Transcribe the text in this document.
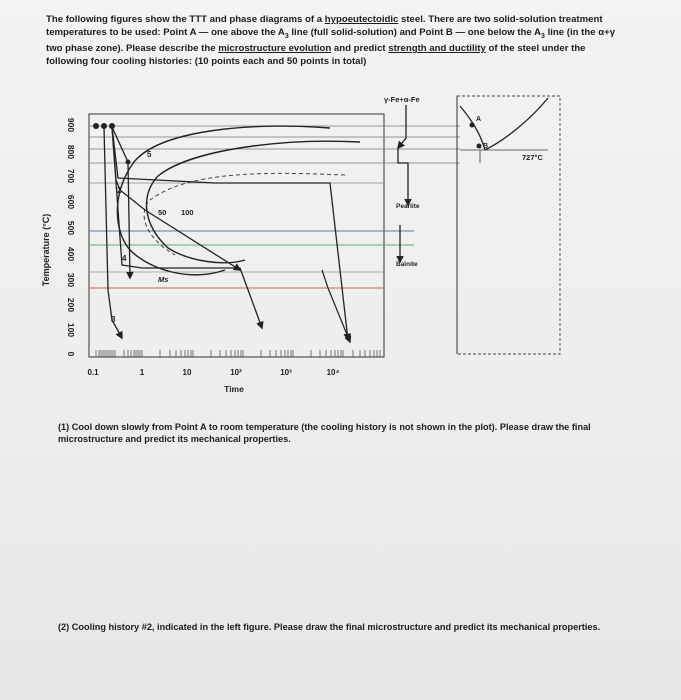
The following figures show the TTT and phase diagrams of a hypoeutectoidic steel. There are two solid-solution treatment temperatures to be used: Point A — one above the $A_3$ line (full solid-solution) and Point B — one below the $A_3$ line (in the α+γ two phase zone). Please describe the microstructure evolution and predict strength and ductility of the steel under the following four cooling histories: (10 points each and 50 points in total)

900
800
700
600
500
400
300
200
100
0
Temperature (°C)
0.1	1	10	10²	10³	10⁴
Time
5
2
4
3
50 100
Ms
γ-Fe+α-Fe
Pearlite
Bainite
A
B
727°C

(1) Cool down slowly from Point A to room temperature (the cooling history is not shown in the plot). Please draw the final microstructure and predict its mechanical properties.

(2) Cooling history #2, indicated in the left figure. Please draw the final microstructure and predict its mechanical properties.
